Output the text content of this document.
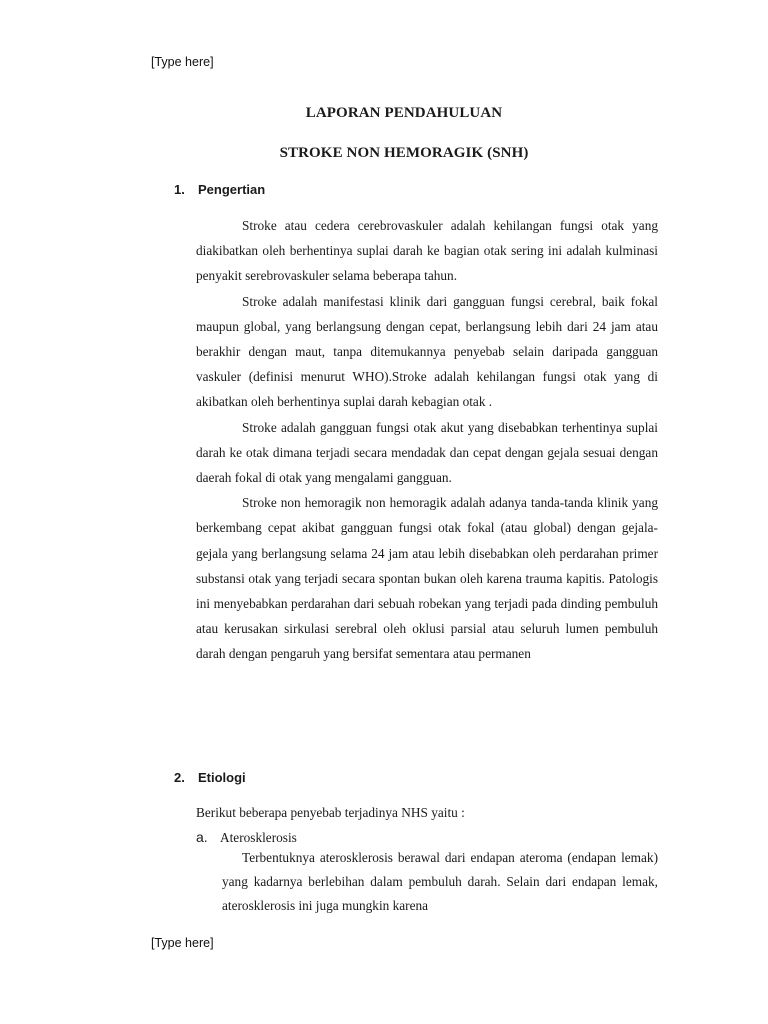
[Type here]
LAPORAN PENDAHULUAN
STROKE NON HEMORAGIK (SNH)
1. Pengertian

Stroke atau cedera cerebrovaskuler adalah kehilangan fungsi otak yang diakibatkan oleh berhentinya suplai darah ke bagian otak sering ini adalah kulminasi penyakit serebrovaskuler selama beberapa tahun.

Stroke adalah manifestasi klinik dari gangguan fungsi cerebral, baik fokal maupun global, yang berlangsung dengan cepat, berlangsung lebih dari 24 jam atau berakhir dengan maut, tanpa ditemukannya penyebab selain daripada gangguan vaskuler (definisi menurut WHO).Stroke adalah kehilangan fungsi otak yang di akibatkan oleh berhentinya suplai darah kebagian otak .

Stroke adalah gangguan fungsi otak akut yang disebabkan terhentinya suplai darah ke otak dimana terjadi secara mendadak dan cepat dengan gejala sesuai dengan daerah fokal di otak yang mengalami gangguan.

Stroke non hemoragik non hemoragik adalah adanya tanda-tanda klinik yang berkembang cepat akibat gangguan fungsi otak fokal (atau global) dengan gejala- gejala yang berlangsung selama 24 jam atau lebih disebabkan oleh perdarahan primer substansi otak yang terjadi secara spontan bukan oleh karena trauma kapitis. Patologis ini menyebabkan perdarahan dari sebuah robekan yang terjadi pada dinding pembuluh atau kerusakan sirkulasi serebral oleh oklusi parsial atau seluruh lumen pembuluh darah dengan pengaruh yang bersifat sementara atau permanen

2. Etiologi
Berikut beberapa penyebab terjadinya NHS yaitu :
a. Aterosklerosis

Terbentuknya aterosklerosis berawal dari endapan ateroma (endapan lemak) yang kadarnya berlebihan dalam pembuluh darah. Selain dari endapan lemak, aterosklerosis ini juga mungkin karena

[Type here]
